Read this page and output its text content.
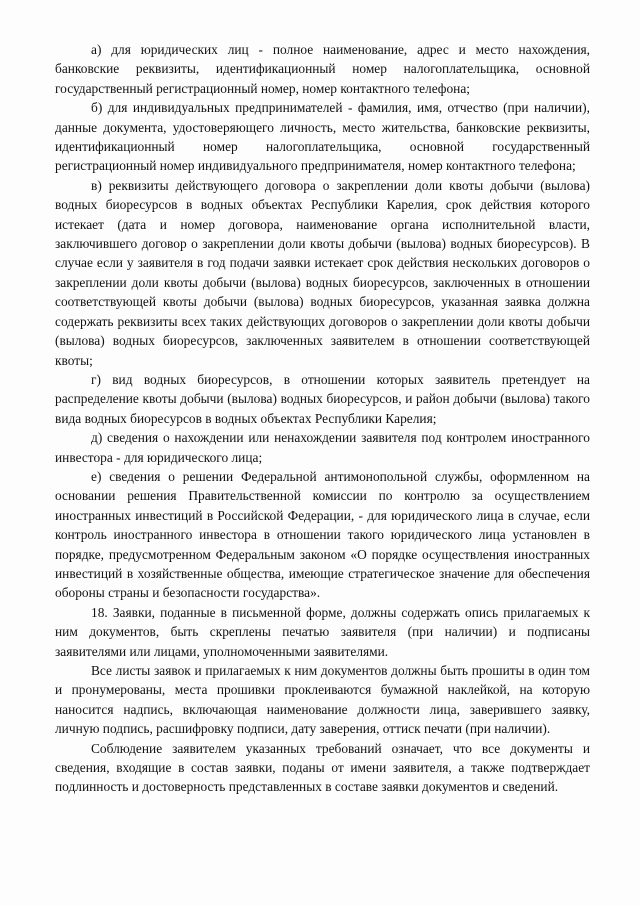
а) для юридических лиц - полное наименование, адрес и место нахождения, банковские реквизиты, идентификационный номер налогоплательщика, основной государственный регистрационный номер, номер контактного телефона;

б) для индивидуальных предпринимателей - фамилия, имя, отчество (при наличии), данные документа, удостоверяющего личность, место жительства, банковские реквизиты, идентификационный номер налогоплательщика, основной государственный регистрационный номер индивидуального предпринимателя, номер контактного телефона;

в) реквизиты действующего договора о закреплении доли квоты добычи (вылова) водных биоресурсов в водных объектах Республики Карелия, срок действия которого истекает (дата и номер договора, наименование органа исполнительной власти, заключившего договор о закреплении доли квоты добычи (вылова) водных биоресурсов). В случае если у заявителя в год подачи заявки истекает срок действия нескольких договоров о закреплении доли квоты добычи (вылова) водных биоресурсов, заключенных в отношении соответствующей квоты добычи (вылова) водных биоресурсов, указанная заявка должна содержать реквизиты всех таких действующих договоров о закреплении доли квоты добычи (вылова) водных биоресурсов, заключенных заявителем в отношении соответствующей квоты;

г) вид водных биоресурсов, в отношении которых заявитель претендует на распределение квоты добычи (вылова) водных биоресурсов, и район добычи (вылова) такого вида водных биоресурсов в водных объектах Республики Карелия;

д) сведения о нахождении или ненахождении заявителя под контролем иностранного инвестора - для юридического лица;

е) сведения о решении Федеральной антимонопольной службы, оформленном на основании решения Правительственной комиссии по контролю за осуществлением иностранных инвестиций в Российской Федерации, - для юридического лица в случае, если контроль иностранного инвестора в отношении такого юридического лица установлен в порядке, предусмотренном Федеральным законом «О порядке осуществления иностранных инвестиций в хозяйственные общества, имеющие стратегическое значение для обеспечения обороны страны и безопасности государства».

18. Заявки, поданные в письменной форме, должны содержать опись прилагаемых к ним документов, быть скреплены печатью заявителя (при наличии) и подписаны заявителями или лицами, уполномоченными заявителями.

Все листы заявок и прилагаемых к ним документов должны быть прошиты в один том и пронумерованы, места прошивки проклеиваются бумажной наклейкой, на которую наносится надпись, включающая наименование должности лица, заверившего заявку, личную подпись, расшифровку подписи, дату заверения, оттиск печати (при наличии).

Соблюдение заявителем указанных требований означает, что все документы и сведения, входящие в состав заявки, поданы от имени заявителя, а также подтверждает подлинность и достоверность представленных в составе заявки документов и сведений.
